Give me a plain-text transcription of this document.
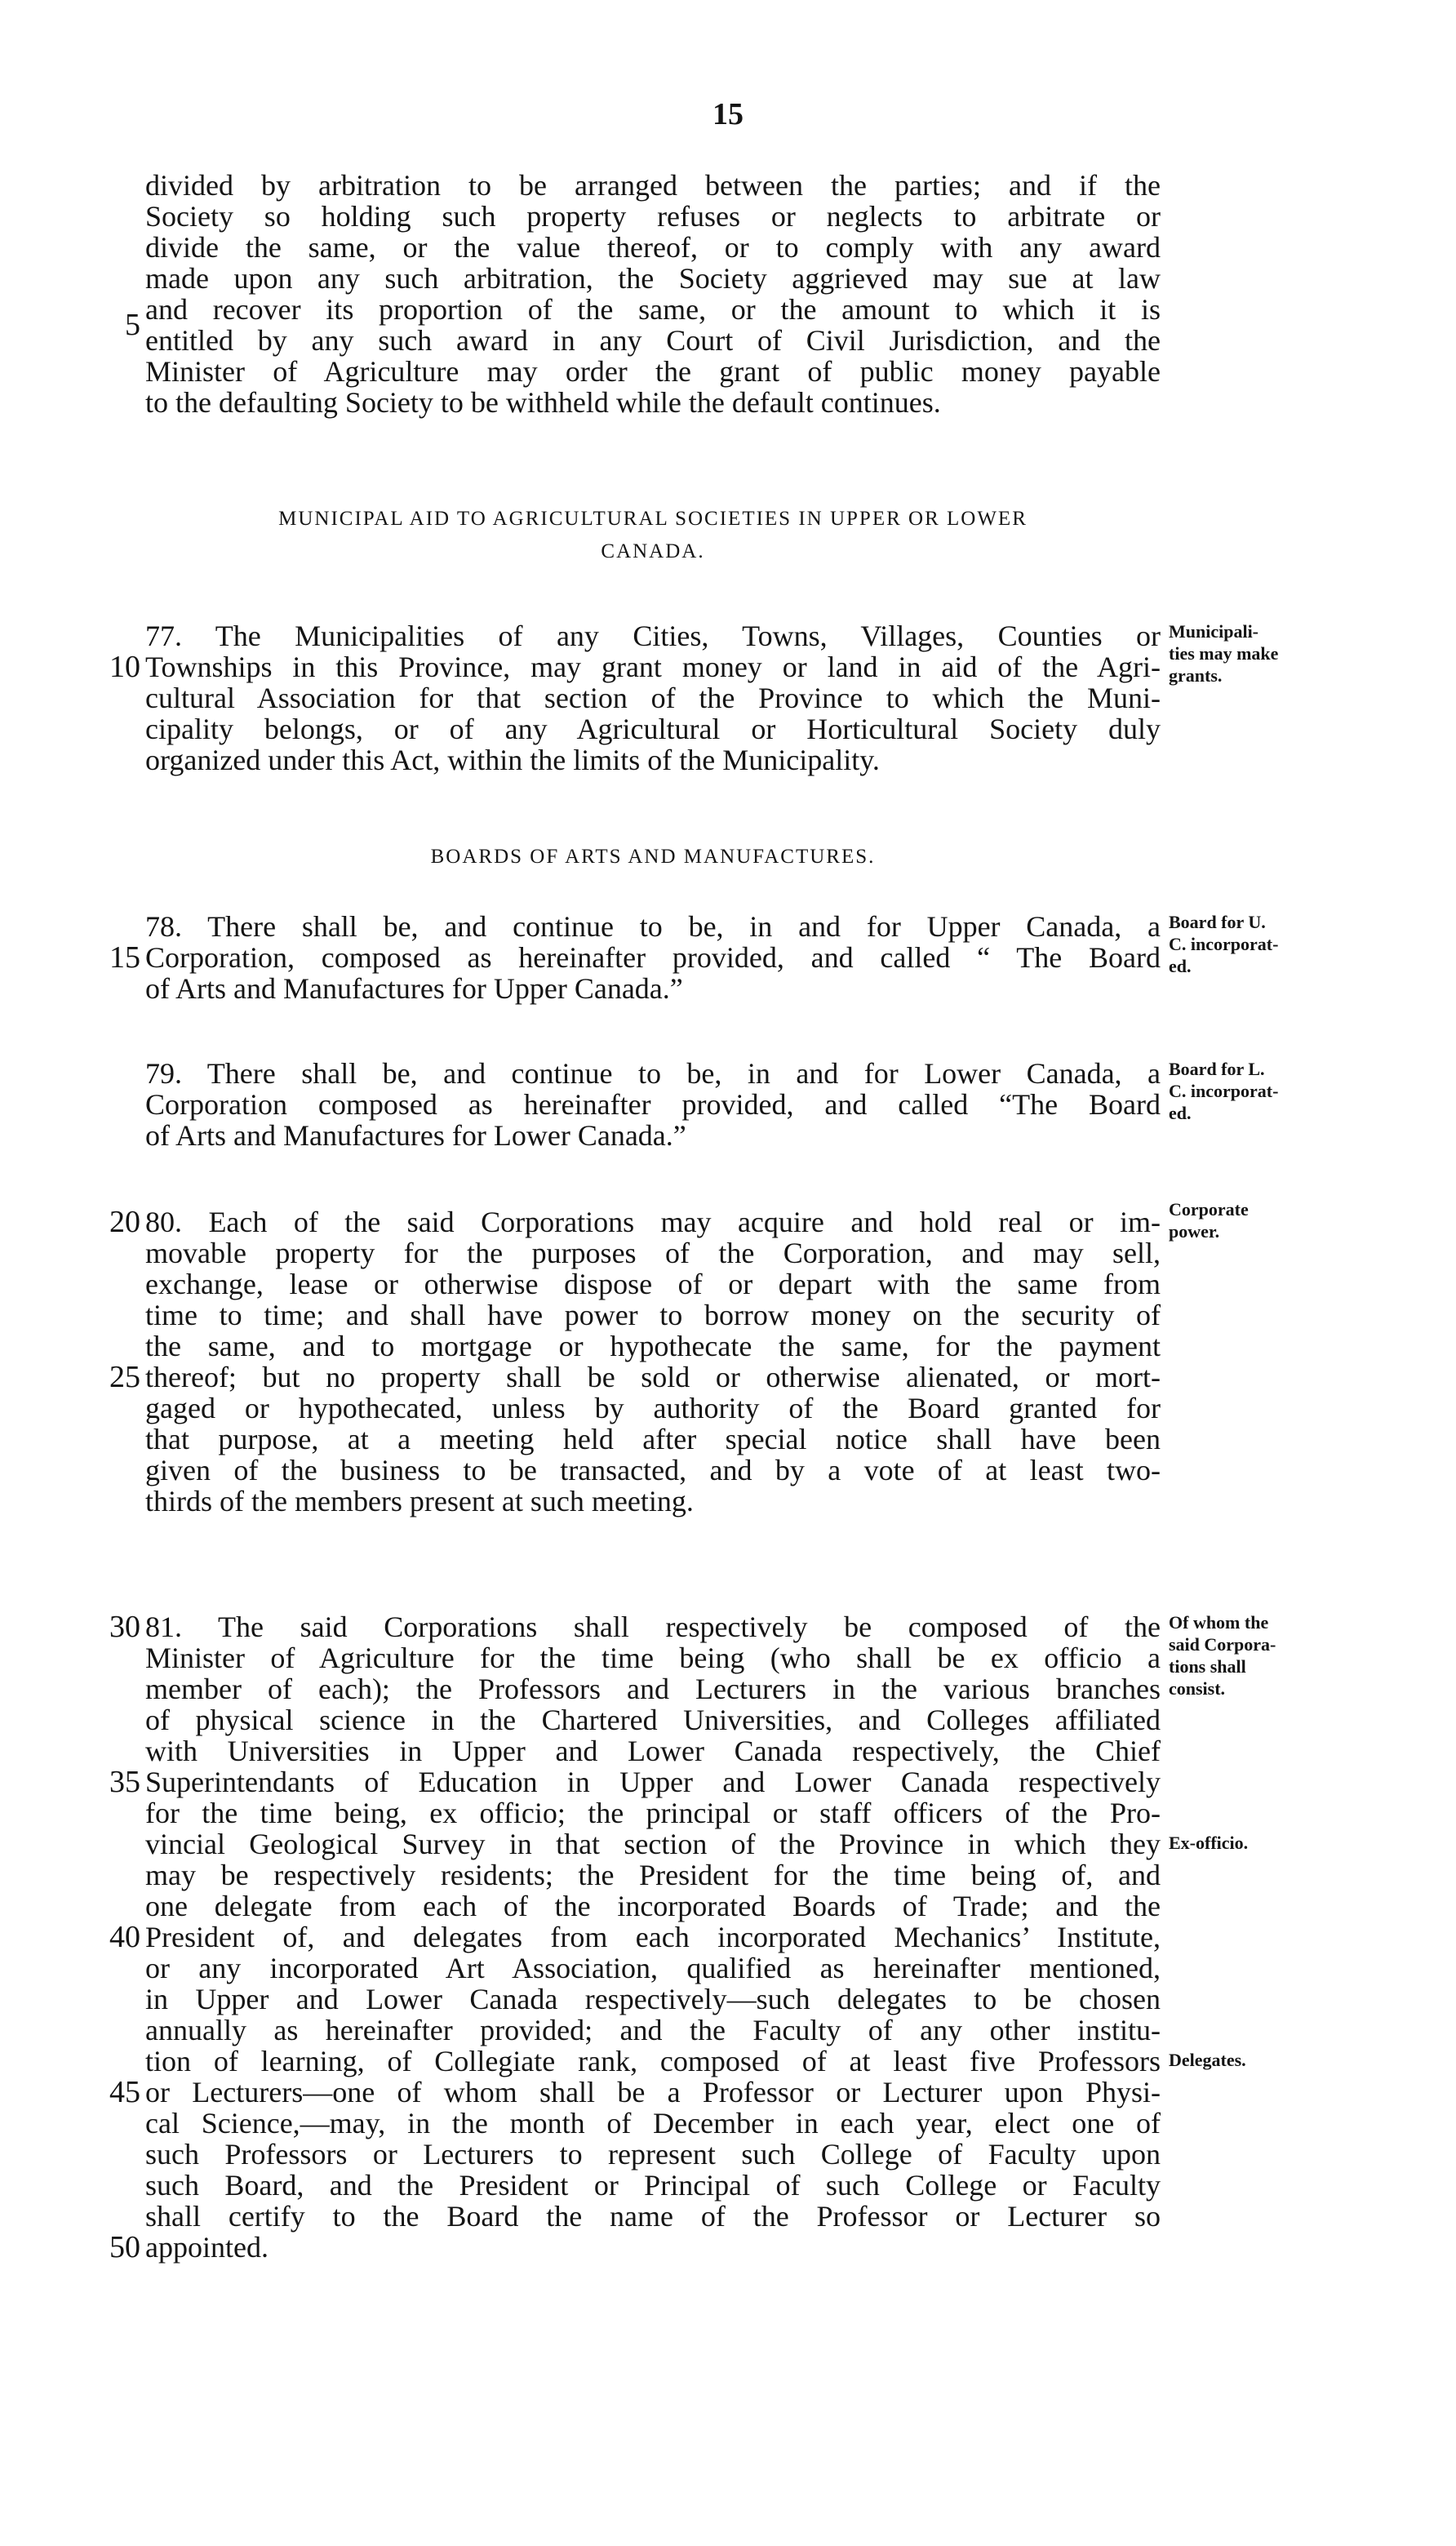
15
divided by arbitration to be arranged between the parties; and if the
Society so holding such property refuses or neglects to arbitrate or
divide the same, or the value thereof, or to comply with any award
made upon any such arbitration, the Society aggrieved may sue at law
and recover its proportion of the same, or the amount to which it is
entitled by any such award in any Court of Civil Jurisdiction, and the
Minister of Agriculture may order the grant of public money payable
to the defaulting Society to be withheld while the default continues.
MUNICIPAL AID TO AGRICULTURAL SOCIETIES IN UPPER OR LOWER
CANADA.
77. The Municipalities of any Cities, Towns, Villages, Counties or
Townships in this Province, may grant money or land in aid of the Agri-
cultural Association for that section of the Province to which the Muni-
cipality belongs, or of any Agricultural or Horticultural Society duly
organized under this Act, within the limits of the Municipality.
BOARDS OF ARTS AND MANUFACTURES.
78. There shall be, and continue to be, in and for Upper Canada, a
Corporation, composed as hereinafter provided, and called “ The Board
of Arts and Manufactures for Upper Canada.”
79. There shall be, and continue to be, in and for Lower Canada, a
Corporation composed as hereinafter provided, and called “The Board
of Arts and Manufactures for Lower Canada.”
80. Each of the said Corporations may acquire and hold real or im-
movable property for the purposes of the Corporation, and may sell,
exchange, lease or otherwise dispose of or depart with the same from
time to time; and shall have power to borrow money on the security of
the same, and to mortgage or hypothecate the same, for the payment
thereof; but no property shall be sold or otherwise alienated, or mort-
gaged or hypothecated, unless by authority of the Board granted for
that purpose, at a meeting held after special notice shall have been
given of the business to be transacted, and by a vote of at least two-
thirds of the members present at such meeting.
81. The said Corporations shall respectively be composed of the
Minister of Agriculture for the time being (who shall be ex officio a
member of each); the Professors and Lecturers in the various branches
of physical science in the Chartered Universities, and Colleges affiliated
with Universities in Upper and Lower Canada respectively, the Chief
Superintendants of Education in Upper and Lower Canada respectively
for the time being, ex officio; the principal or staff officers of the Pro-
vincial Geological Survey in that section of the Province in which they
may be respectively residents; the President for the time being of, and
one delegate from each of the incorporated Boards of Trade; and the
President of, and delegates from each incorporated Mechanics’ Institute,
or any incorporated Art Association, qualified as hereinafter mentioned,
in Upper and Lower Canada respectively—such delegates to be chosen
annually as hereinafter provided; and the Faculty of any other institu-
tion of learning, of Collegiate rank, composed of at least five Professors
or Lecturers—one of whom shall be a Professor or Lecturer upon Physi-
cal Science,—may, in the month of December in each year, elect one of
such Professors or Lecturers to represent such College of Faculty upon
such Board, and the President or Principal of such College or Faculty
shall certify to the Board the name of the Professor or Lecturer so
appointed.
5
10
15
20
25
30
35
40
45
50
Municipali-
ties may make
grants.
Board for U.
C. incorporat-
ed.
Board for L.
C. incorporat-
ed.
Corporate
power.
Of whom the
said Corpora-
tions shall
consist.
Ex-officio.
Delegates.
